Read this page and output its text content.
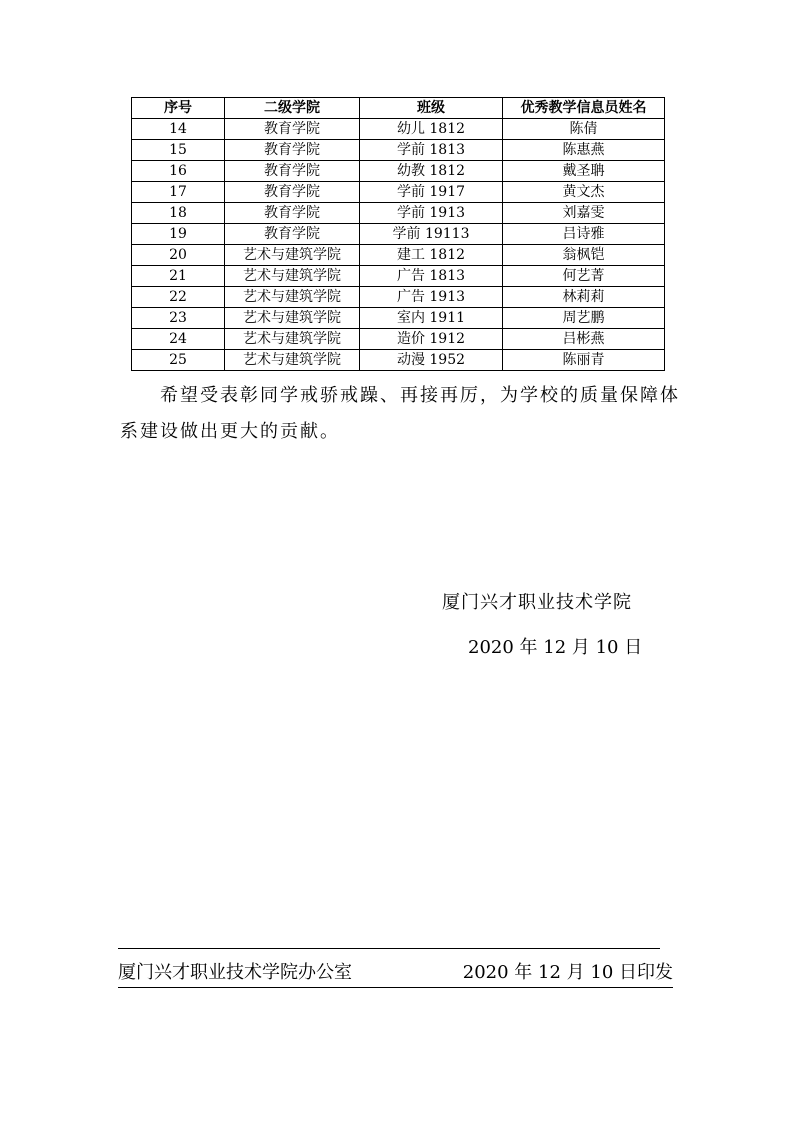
序号	二级学院	班级	优秀教学信息员姓名
14	教育学院	幼儿 1812	陈倩
15	教育学院	学前 1813	陈惠燕
16	教育学院	幼教 1812	戴圣聃
17	教育学院	学前 1917	黄文杰
18	教育学院	学前 1913	刘嘉雯
19	教育学院	学前 19113	吕诗雅
20	艺术与建筑学院	建工 1812	翁枫铠
21	艺术与建筑学院	广告 1813	何艺菁
22	艺术与建筑学院	广告 1913	林莉莉
23	艺术与建筑学院	室内 1911	周艺鹏
24	艺术与建筑学院	造价 1912	吕彬燕
25	艺术与建筑学院	动漫 1952	陈丽青

希望受表彰同学戒骄戒躁、再接再厉，为学校的质量保障体系建设做出更大的贡献。

厦门兴才职业技术学院
2020 年 12 月 10 日
厦门兴才职业技术学院办公室	2020 年 12 月 10 日印发
